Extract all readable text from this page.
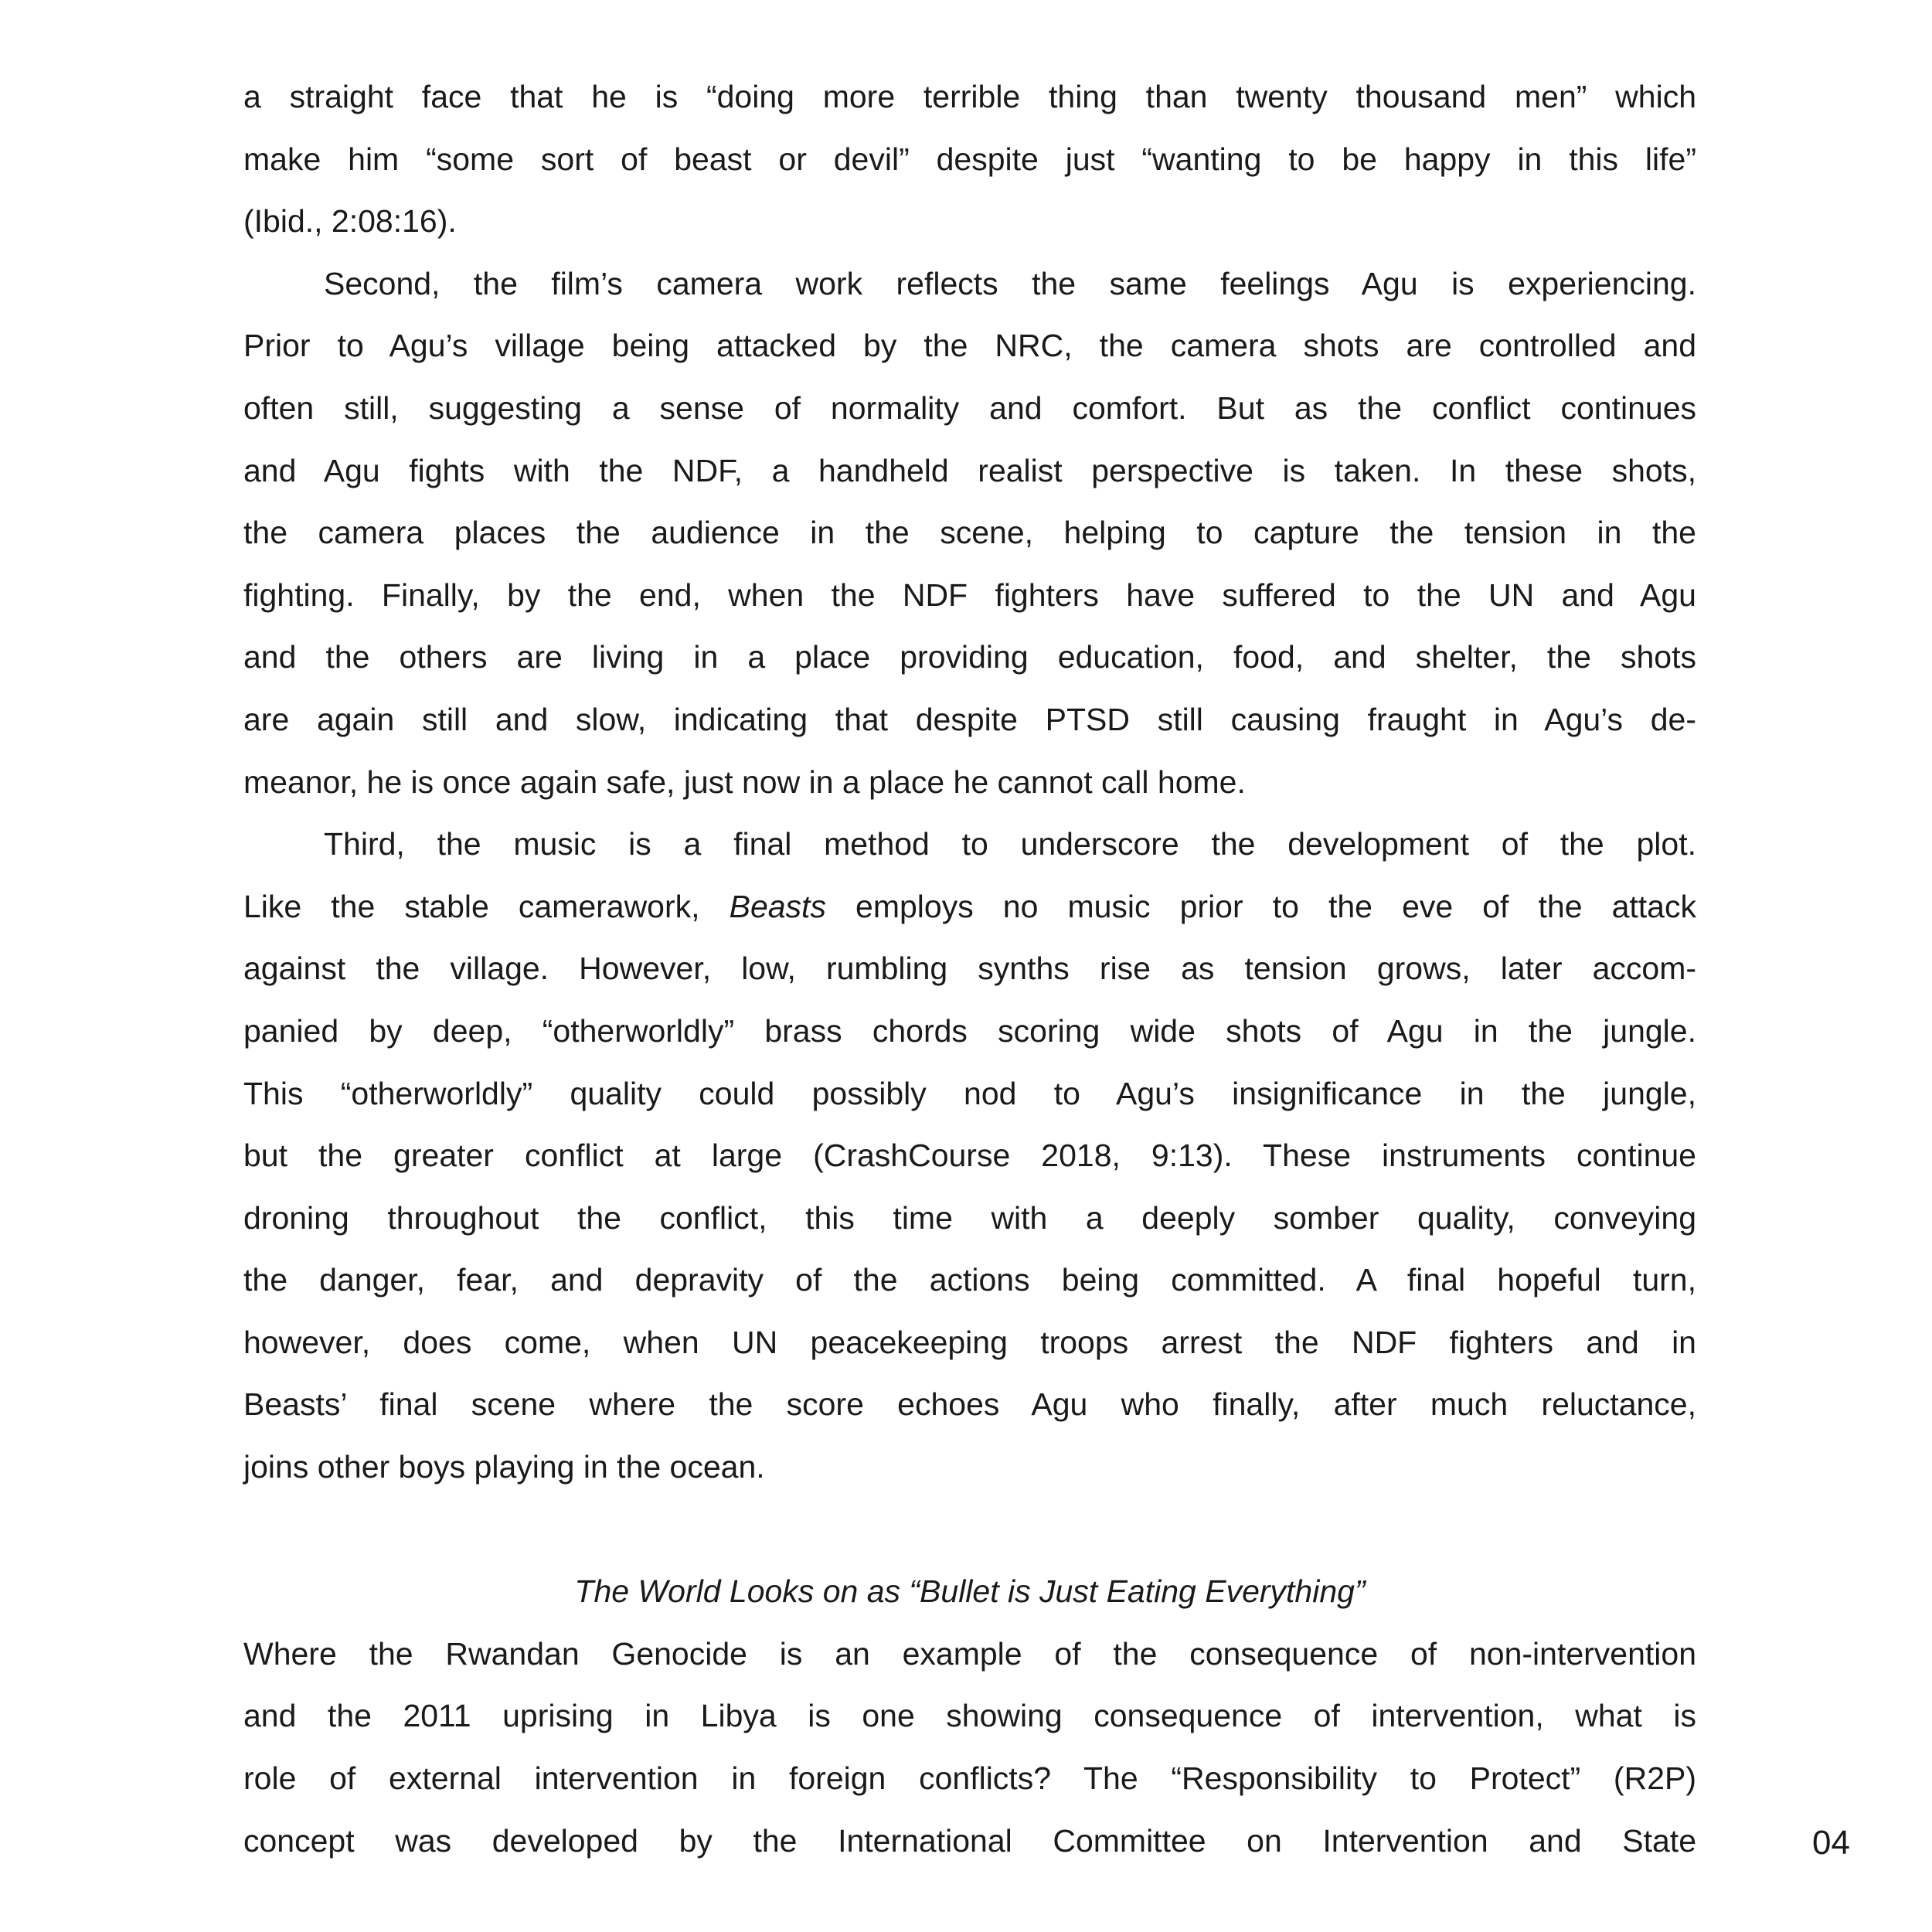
a straight face that he is “doing more terrible thing than twenty thousand men” which
make him “some sort of beast or devil” despite just “wanting to be happy in this life”
(Ibid., 2:08:16).
Second, the film’s camera work reflects the same feelings Agu is experiencing.
Prior to Agu’s village being attacked by the NRC, the camera shots are controlled and
often still, suggesting a sense of normality and comfort. But as the conflict continues
and Agu fights with the NDF, a handheld realist perspective is taken. In these shots,
the camera places the audience in the scene, helping to capture the tension in the
fighting. Finally, by the end, when the NDF fighters have suffered to the UN and Agu
and the others are living in a place providing education, food, and shelter, the shots
are again still and slow, indicating that despite PTSD still causing fraught in Agu’s de-
meanor, he is once again safe, just now in a place he cannot call home.
Third, the music is a final method to underscore the development of the plot.
Like the stable camerawork, Beasts employs no music prior to the eve of the attack
against the village. However, low, rumbling synths rise as tension grows, later accom-
panied by deep, “otherworldly” brass chords scoring wide shots of Agu in the jungle.
This “otherworldly” quality could possibly nod to Agu’s insignificance in the jungle,
but the greater conflict at large (CrashCourse 2018, 9:13). These instruments continue
droning throughout the conflict, this time with a deeply somber quality, conveying
the danger, fear, and depravity of the actions being committed. A final hopeful turn,
however, does come, when UN peacekeeping troops arrest the NDF fighters and in
Beasts’ final scene where the score echoes Agu who finally, after much reluctance,
joins other boys playing in the ocean.
The World Looks on as “Bullet is Just Eating Everything”
Where the Rwandan Genocide is an example of the consequence of non-intervention
and the 2011 uprising in Libya is one showing consequence of intervention, what is
role of external intervention in foreign conflicts? The “Responsibility to Protect” (R2P)
concept was developed by the International Committee on Intervention and State	04
